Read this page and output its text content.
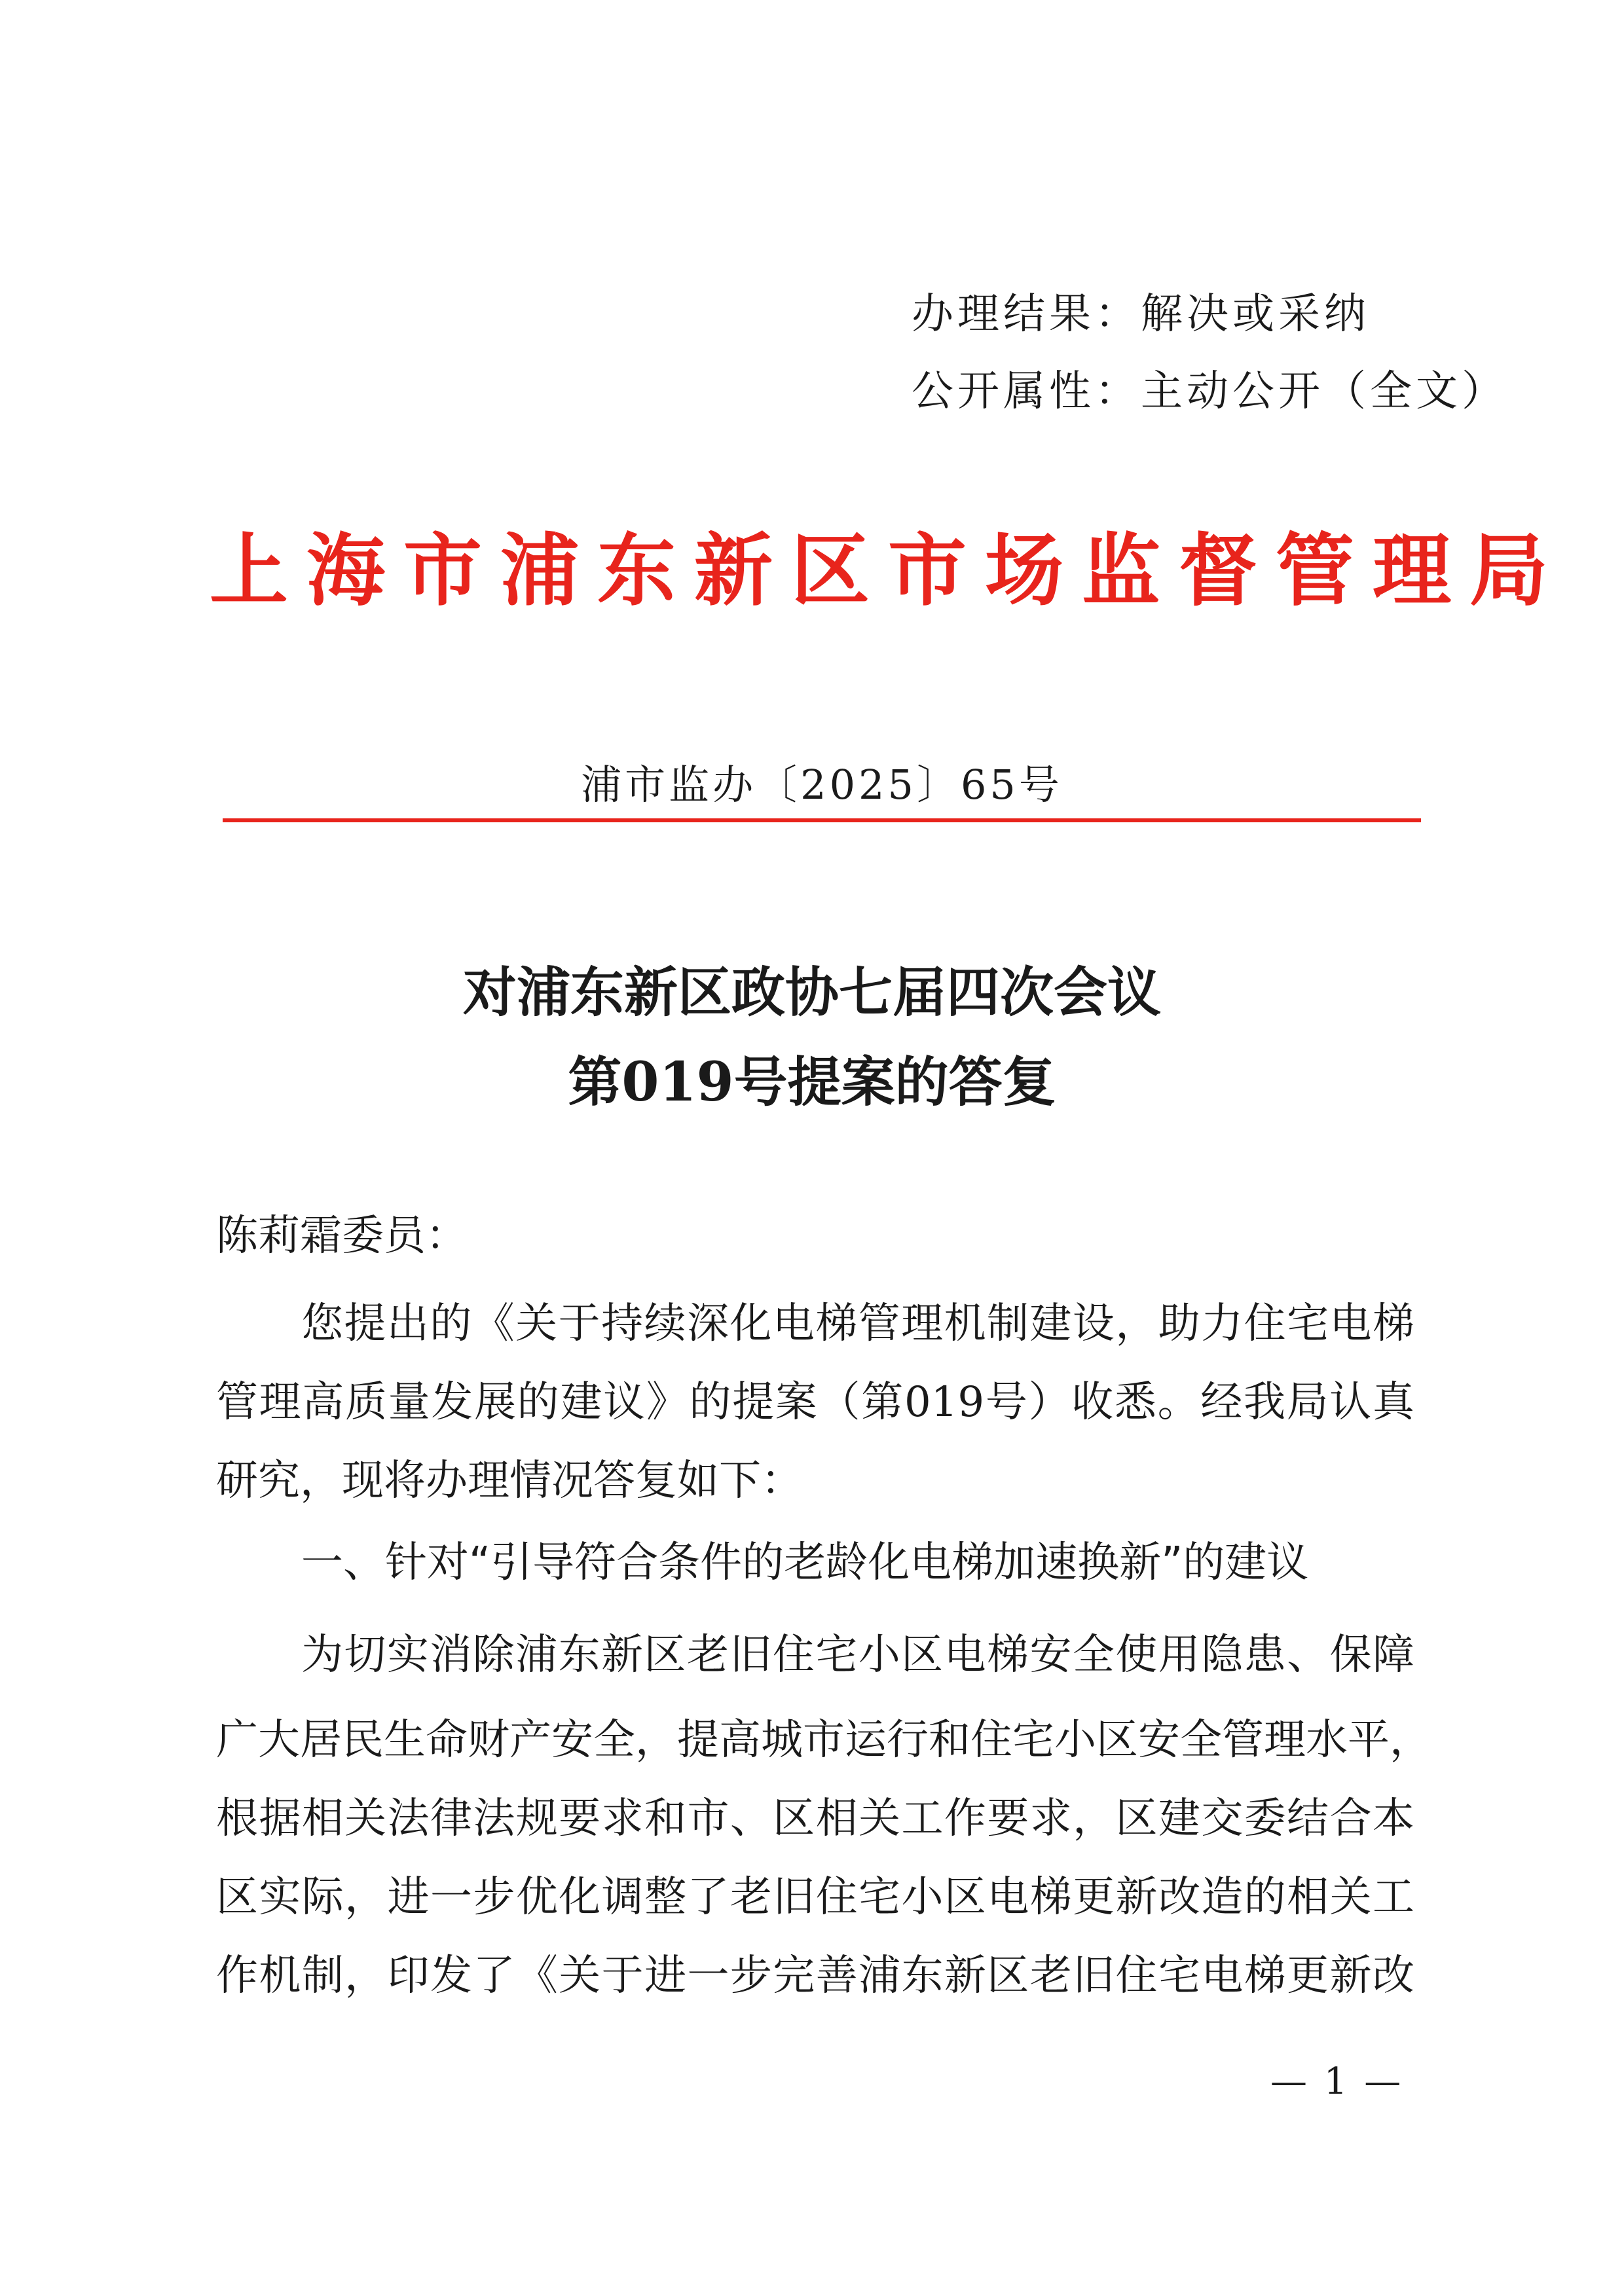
办理结果：解决或采纳
公开属性：主动公开（全文）
上海市浦东新区市场监督管理局
浦市监办〔2025〕65号
对浦东新区政协七届四次会议
第019号提案的答复
陈莉霜委员：
您提出的《关于持续深化电梯管理机制建设，助力住宅电梯
管理高质量发展的建议》的提案（第019号）收悉。经我局认真
研究，现将办理情况答复如下：
一、针对“引导符合条件的老龄化电梯加速换新”的建议
为切实消除浦东新区老旧住宅小区电梯安全使用隐患、保障
广大居民生命财产安全，提高城市运行和住宅小区安全管理水平，
根据相关法律法规要求和市、区相关工作要求，区建交委结合本
区实际，进一步优化调整了老旧住宅小区电梯更新改造的相关工
作机制，印发了《关于进一步完善浦东新区老旧住宅电梯更新改
— 1 —
